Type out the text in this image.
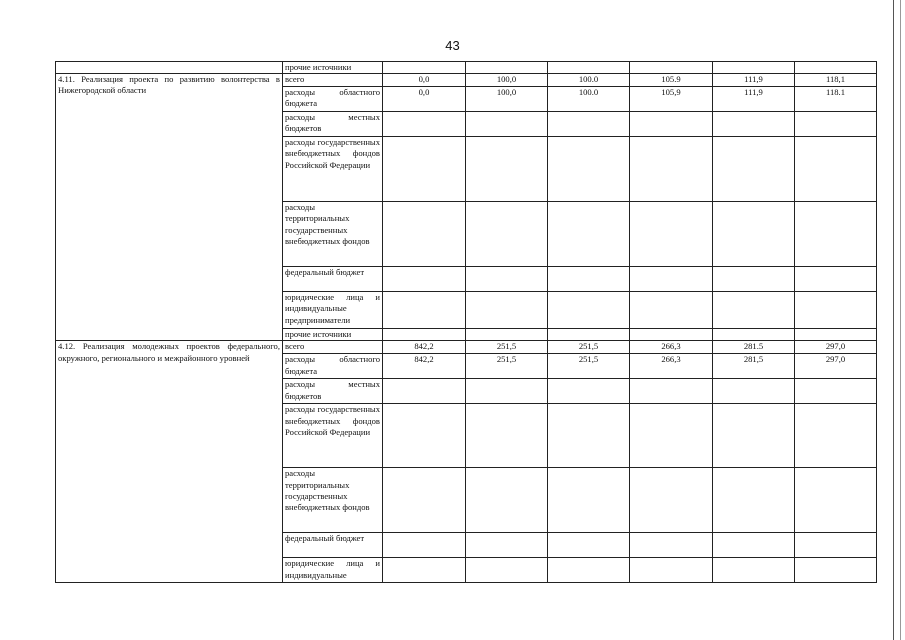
43
	прочие источники						
4.11. Реализация проекта по развитию волонтерства в Нижегородской области	всего	0,0	100,0	100.0	105.9	111,9	118,1
	расходы областного бюджета	0,0	100,0	100.0	105,9	111,9	118.1
	расходы местных бюджетов						
	расходы государственных внебюджетных фондов Российской Федерации						
	расходы территориальных государственных внебюджетных фондов						
	федеральный бюджет						
	юридические лица и индивидуальные предприниматели						
	прочие источники						
4.12. Реализация молодежных проектов федерального, окружного, регионального и межрайонного уровней	всего	842,2	251,5	251,5	266,3	281.5	297,0
	расходы областного бюджета	842,2	251,5	251,5	266,3	281,5	297,0
	расходы местных бюджетов						
	расходы государственных внебюджетных фондов Российской Федерации						
	расходы территориальных государственных внебюджетных фондов						
	федеральный бюджет						
	юридические лица и индивидуальные						
